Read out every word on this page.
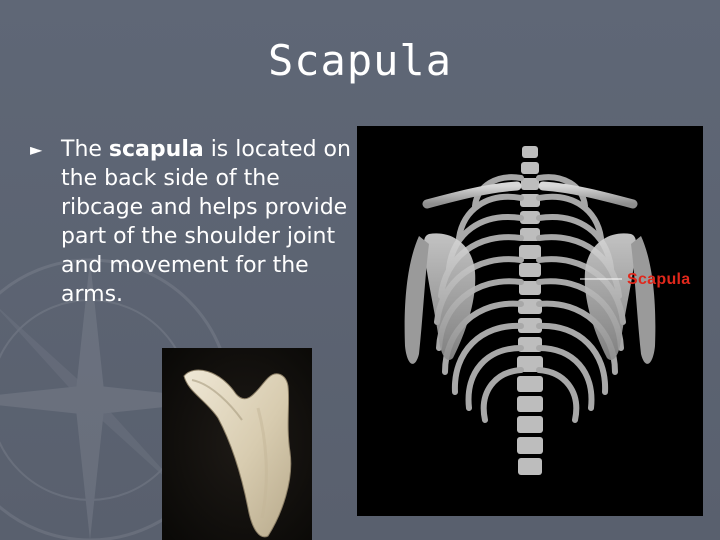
Scapula
► The scapula is located on the back side of the ribcage and helps provide part of the shoulder joint and movement for the arms.
Scapula
